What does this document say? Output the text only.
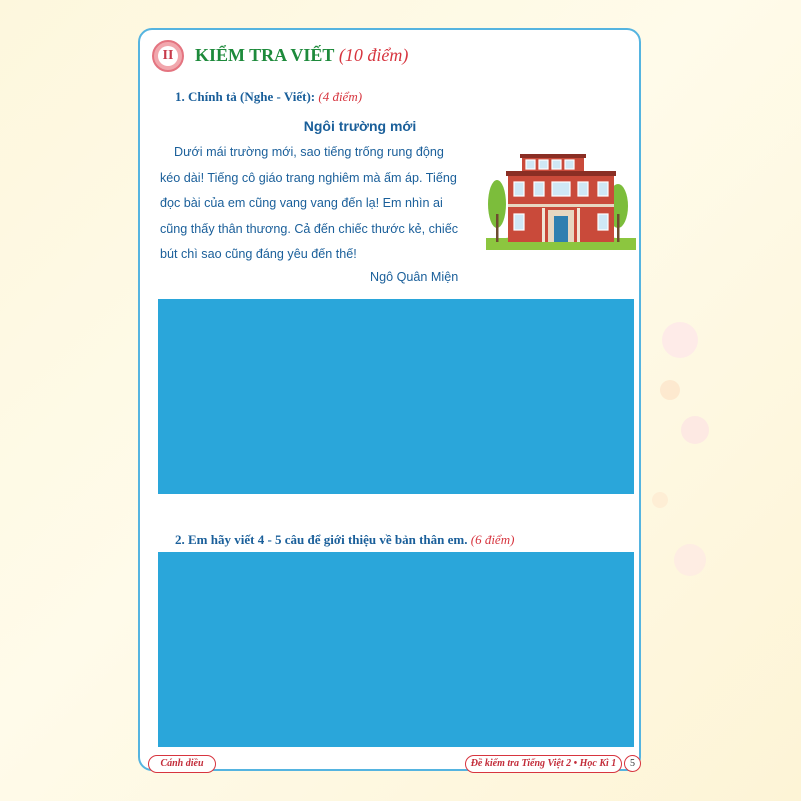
II KIỂM TRA VIẾT (10 điểm)
1. Chính tả (Nghe - Viết): (4 điểm)
Ngôi trường mới
Dưới mái trường mới, sao tiếng trống rung động
kéo dài! Tiếng cô giáo trang nghiêm mà ấm áp. Tiếng
đọc bài của em cũng vang vang đến lạ! Em nhìn ai
cũng thấy thân thương. Cả đến chiếc thước kẻ, chiếc
bút chì sao cũng đáng yêu đến thế!
Ngô Quân Miện
2. Em hãy viết 4 - 5 câu để giới thiệu về bản thân em. (6 điểm)
Cánh diều	Đề kiểm tra Tiếng Việt 2 • Học Kì 1	5
